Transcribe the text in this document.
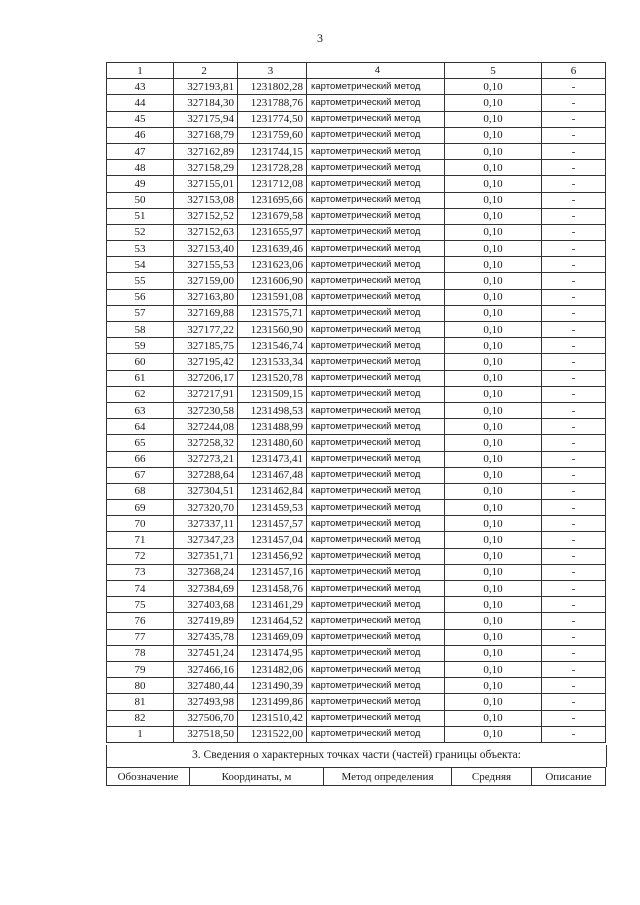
3
1	2	3	4	5	6
43	327193,81	1231802,28	картометрический метод	0,10	-
44	327184,30	1231788,76	картометрический метод	0,10	-
45	327175,94	1231774,50	картометрический метод	0,10	-
46	327168,79	1231759,60	картометрический метод	0,10	-
47	327162,89	1231744,15	картометрический метод	0,10	-
48	327158,29	1231728,28	картометрический метод	0,10	-
49	327155,01	1231712,08	картометрический метод	0,10	-
50	327153,08	1231695,66	картометрический метод	0,10	-
51	327152,52	1231679,58	картометрический метод	0,10	-
52	327152,63	1231655,97	картометрический метод	0,10	-
53	327153,40	1231639,46	картометрический метод	0,10	-
54	327155,53	1231623,06	картометрический метод	0,10	-
55	327159,00	1231606,90	картометрический метод	0,10	-
56	327163,80	1231591,08	картометрический метод	0,10	-
57	327169,88	1231575,71	картометрический метод	0,10	-
58	327177,22	1231560,90	картометрический метод	0,10	-
59	327185,75	1231546,74	картометрический метод	0,10	-
60	327195,42	1231533,34	картометрический метод	0,10	-
61	327206,17	1231520,78	картометрический метод	0,10	-
62	327217,91	1231509,15	картометрический метод	0,10	-
63	327230,58	1231498,53	картометрический метод	0,10	-
64	327244,08	1231488,99	картометрический метод	0,10	-
65	327258,32	1231480,60	картометрический метод	0,10	-
66	327273,21	1231473,41	картометрический метод	0,10	-
67	327288,64	1231467,48	картометрический метод	0,10	-
68	327304,51	1231462,84	картометрический метод	0,10	-
69	327320,70	1231459,53	картометрический метод	0,10	-
70	327337,11	1231457,57	картометрический метод	0,10	-
71	327347,23	1231457,04	картометрический метод	0,10	-
72	327351,71	1231456,92	картометрический метод	0,10	-
73	327368,24	1231457,16	картометрический метод	0,10	-
74	327384,69	1231458,76	картометрический метод	0,10	-
75	327403,68	1231461,29	картометрический метод	0,10	-
76	327419,89	1231464,52	картометрический метод	0,10	-
77	327435,78	1231469,09	картометрический метод	0,10	-
78	327451,24	1231474,95	картометрический метод	0,10	-
79	327466,16	1231482,06	картометрический метод	0,10	-
80	327480,44	1231490,39	картометрический метод	0,10	-
81	327493,98	1231499,86	картометрический метод	0,10	-
82	327506,70	1231510,42	картометрический метод	0,10	-
1	327518,50	1231522,00	картометрический метод	0,10	-
3. Сведения о характерных точках части (частей) границы объекта:
Обозначение	Координаты, м	Метод определения	Средняя	Описание
